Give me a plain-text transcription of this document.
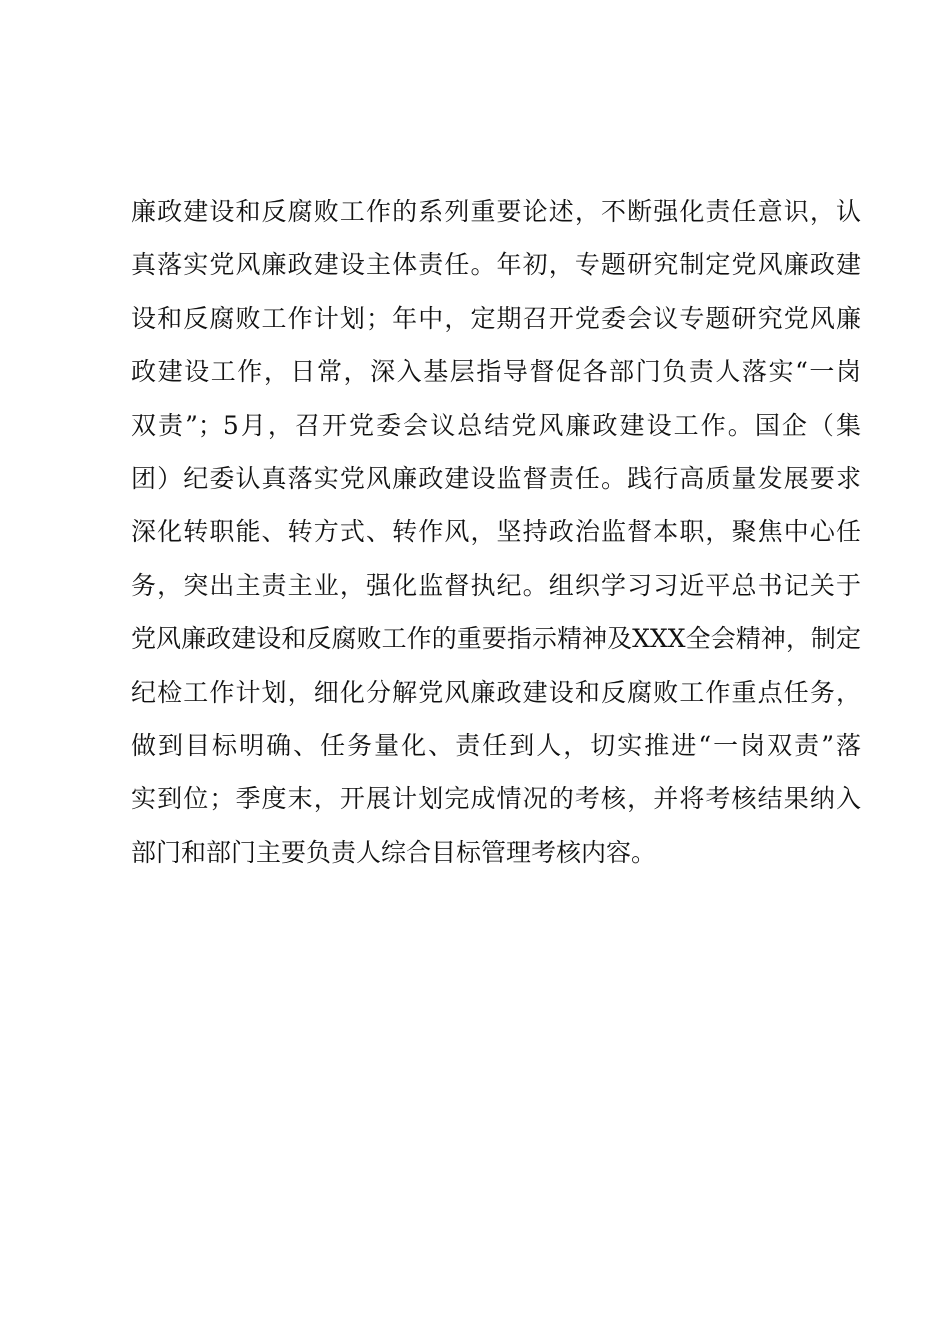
廉政建设和反腐败工作的系列重要论述，不断强化责任意识，认
真落实党风廉政建设主体责任。年初，专题研究制定党风廉政建
设和反腐败工作计划；年中，定期召开党委会议专题研究党风廉
政建设工作，日常，深入基层指导督促各部门负责人落实“一岗
双责”；5月，召开党委会议总结党风廉政建设工作。国企（集
团）纪委认真落实党风廉政建设监督责任。践行高质量发展要求
深化转职能、转方式、转作风，坚持政治监督本职，聚焦中心任
务，突出主责主业，强化监督执纪。组织学习习近平总书记关于
党风廉政建设和反腐败工作的重要指示精神及XXX全会精神，制定
纪检工作计划，细化分解党风廉政建设和反腐败工作重点任务，
做到目标明确、任务量化、责任到人，切实推进“一岗双责”落
实到位；季度末，开展计划完成情况的考核，并将考核结果纳入
部门和部门主要负责人综合目标管理考核内容。
